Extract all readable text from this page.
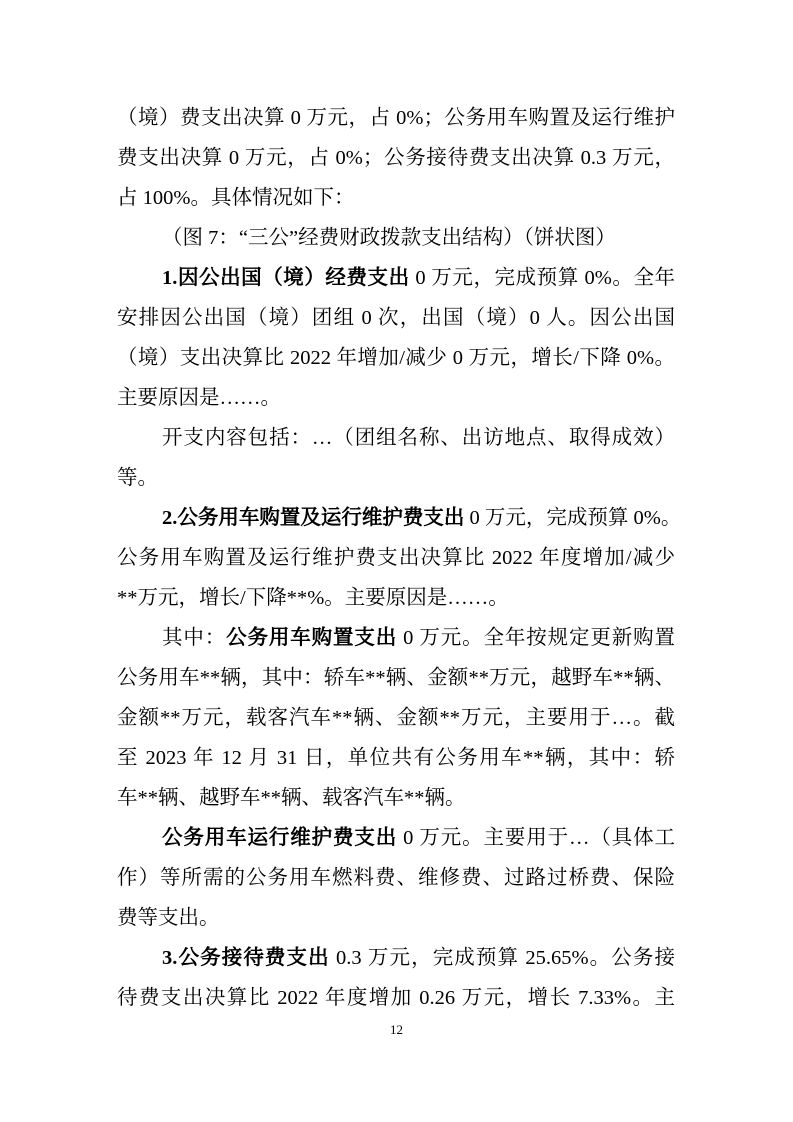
（境）费支出决算 0 万元，占 0%；公务用车购置及运行维护
费支出决算 0 万元，占 0%；公务接待费支出决算 0.3 万元，
占 100%。具体情况如下：
（图 7：“三公”经费财政拨款支出结构）（饼状图）
1.因公出国（境）经费支出 0 万元，完成预算 0%。全年
安排因公出国（境）团组 0 次，出国（境）0 人。因公出国
（境）支出决算比 2022 年增加/减少 0 万元，增长/下降 0%。
主要原因是……。
开支内容包括：…（团组名称、出访地点、取得成效）
等。
2.公务用车购置及运行维护费支出 0 万元，完成预算 0%。
公务用车购置及运行维护费支出决算比 2022 年度增加/减少
**万元，增长/下降**%。主要原因是……。
其中：公务用车购置支出 0 万元。全年按规定更新购置
公务用车**辆，其中：轿车**辆、金额**万元，越野车**辆、
金额**万元，载客汽车**辆、金额**万元，主要用于…。截
至 2023 年 12 月 31 日，单位共有公务用车**辆，其中：轿
车**辆、越野车**辆、载客汽车**辆。
公务用车运行维护费支出 0 万元。主要用于…（具体工
作）等所需的公务用车燃料费、维修费、过路过桥费、保险
费等支出。
3.公务接待费支出 0.3 万元，完成预算 25.65%。公务接
待费支出决算比 2022 年度增加 0.26 万元，增长 7.33%。主
12
